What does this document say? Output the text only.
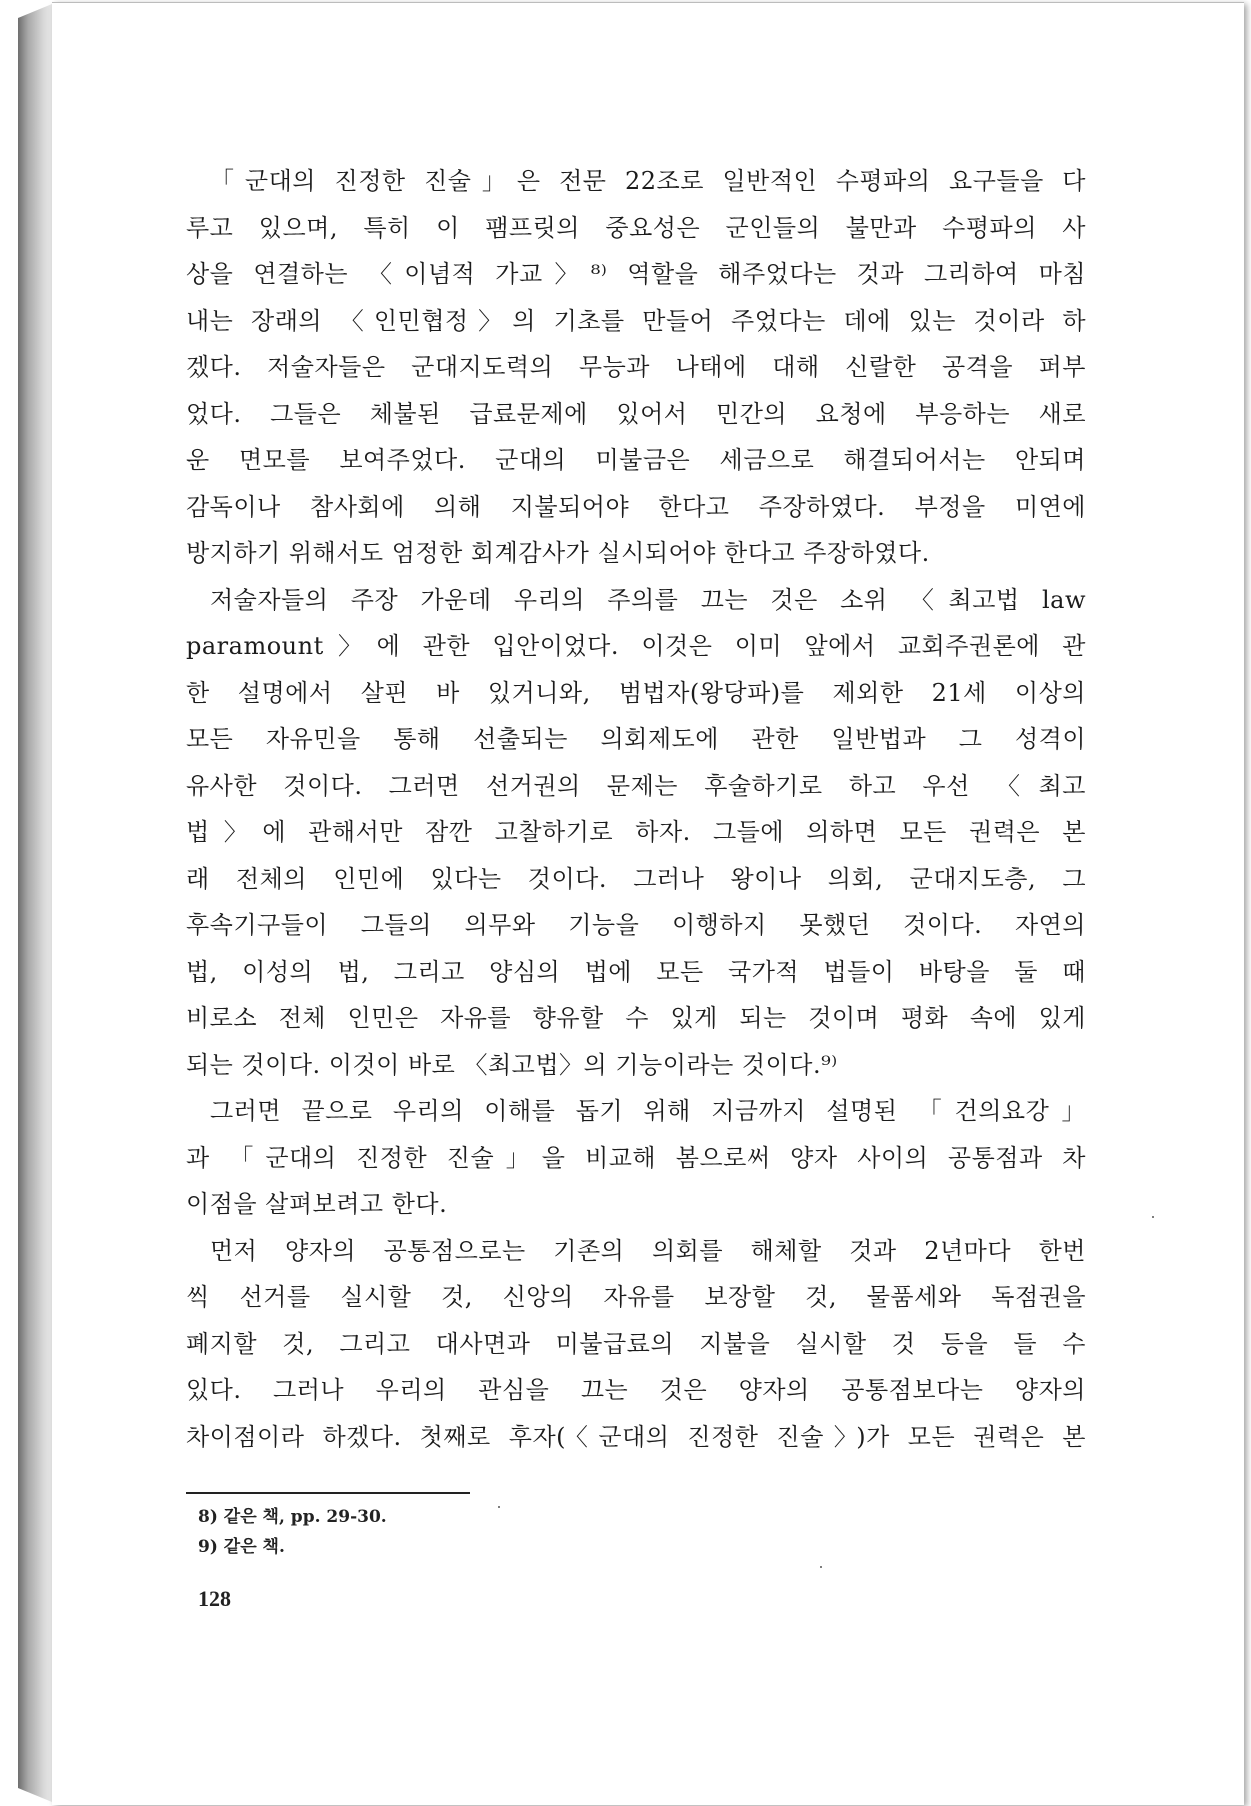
「군대의 진정한 진술」은 전문 22조로 일반적인 수평파의 요구들을 다
루고 있으며, 특히 이 팸프릿의 중요성은 군인들의 불만과 수평파의 사
상을 연결하는 〈이념적 가교〉⁸⁾ 역할을 해주었다는 것과 그리하여 마침
내는 장래의 〈인민협정〉의 기초를 만들어 주었다는 데에 있는 것이라 하
겠다. 저술자들은 군대지도력의 무능과 나태에 대해 신랄한 공격을 퍼부
었다. 그들은 체불된 급료문제에 있어서 민간의 요청에 부응하는 새로
운 면모를 보여주었다. 군대의 미불금은 세금으로 해결되어서는 안되며
감독이나 참사회에 의해 지불되어야 한다고 주장하였다. 부정을 미연에
방지하기 위해서도 엄정한 회계감사가 실시되어야 한다고 주장하였다.
저술자들의 주장 가운데 우리의 주의를 끄는 것은 소위 〈최고법 law
paramount〉에 관한 입안이었다. 이것은 이미 앞에서 교회주권론에 관
한 설명에서 살핀 바 있거니와, 범법자(왕당파)를 제외한 21세 이상의
모든 자유민을 통해 선출되는 의회제도에 관한 일반법과 그 성격이
유사한 것이다. 그러면 선거권의 문제는 후술하기로 하고 우선 〈최고
법〉에 관해서만 잠깐 고찰하기로 하자. 그들에 의하면 모든 권력은 본
래 전체의 인민에 있다는 것이다. 그러나 왕이나 의회, 군대지도층, 그
후속기구들이 그들의 의무와 기능을 이행하지 못했던 것이다. 자연의
법, 이성의 법, 그리고 양심의 법에 모든 국가적 법들이 바탕을 둘 때
비로소 전체 인민은 자유를 향유할 수 있게 되는 것이며 평화 속에 있게
되는 것이다. 이것이 바로 〈최고법〉의 기능이라는 것이다.⁹⁾
그러면 끝으로 우리의 이해를 돕기 위해 지금까지 설명된 「건의요강」
과 「군대의 진정한 진술」을 비교해 봄으로써 양자 사이의 공통점과 차
이점을 살펴보려고 한다.
먼저 양자의 공통점으로는 기존의 의회를 해체할 것과 2년마다 한번
씩 선거를 실시할 것, 신앙의 자유를 보장할 것, 물품세와 독점권을
폐지할 것, 그리고 대사면과 미불급료의 지불을 실시할 것 등을 들 수
있다. 그러나 우리의 관심을 끄는 것은 양자의 공통점보다는 양자의
차이점이라 하겠다. 첫째로 후자(〈군대의 진정한 진술〉)가 모든 권력은 본
8) 같은 책, pp. 29-30.
9) 같은 책.
128
